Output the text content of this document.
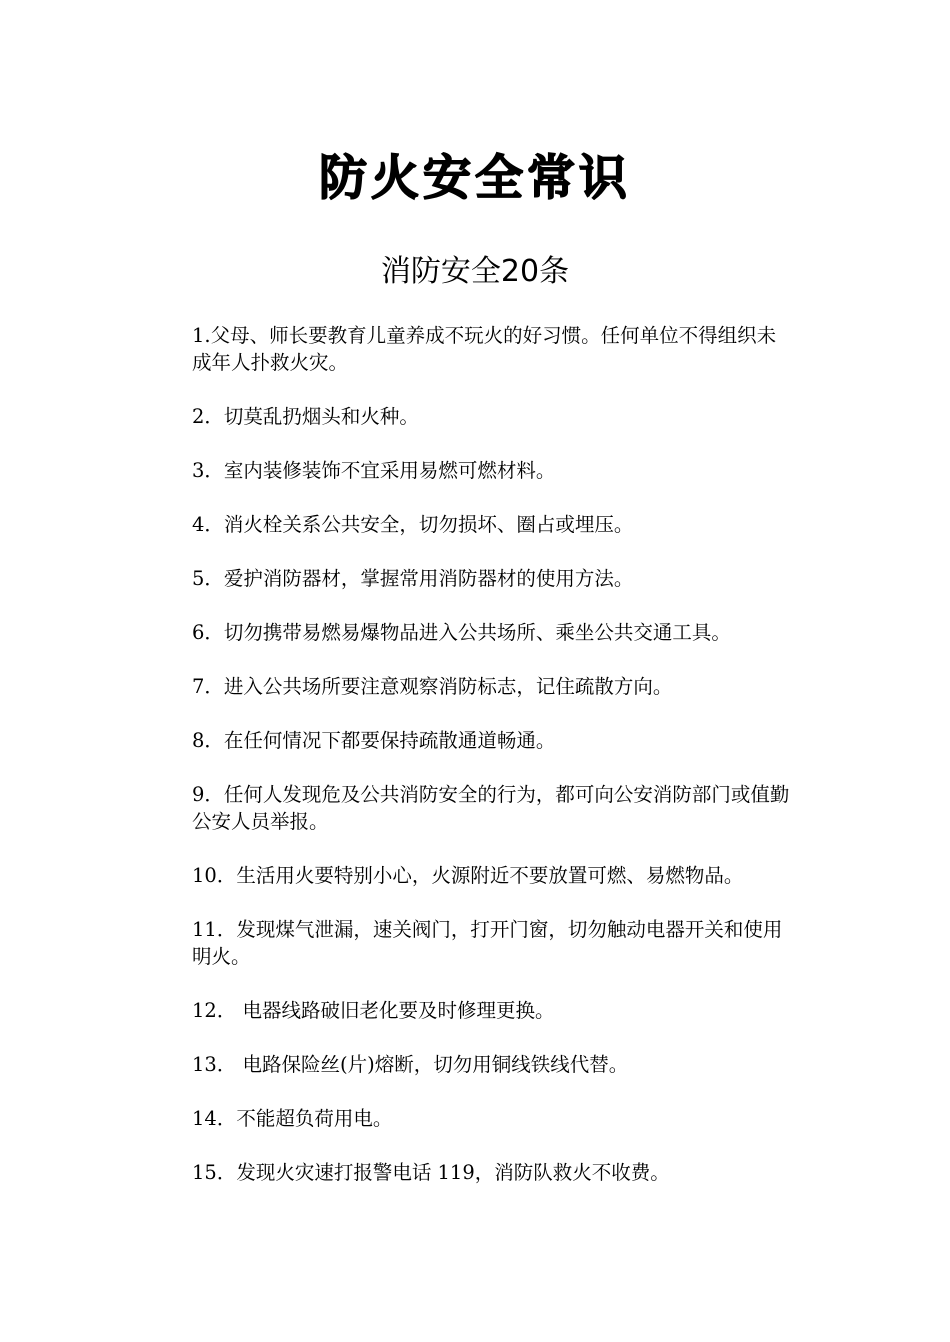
防火安全常识
消防安全20条
1.父母、师长要教育儿童养成不玩火的好习惯。任何单位不得组织未成年人扑救火灾。
2．切莫乱扔烟头和火种。
3．室内装修装饰不宜采用易燃可燃材料。
4．消火栓关系公共安全，切勿损坏、圈占或埋压。
5．爱护消防器材，掌握常用消防器材的使用方法。
6．切勿携带易燃易爆物品进入公共场所、乘坐公共交通工具。
7．进入公共场所要注意观察消防标志，记住疏散方向。
8．在任何情况下都要保持疏散通道畅通。
9．任何人发现危及公共消防安全的行为，都可向公安消防部门或值勤公安人员举报。
10．生活用火要特别小心，火源附近不要放置可燃、易燃物品。
11．发现煤气泄漏，速关阀门，打开门窗，切勿触动电器开关和使用明火。
12． 电器线路破旧老化要及时修理更换。
13． 电路保险丝(片)熔断，切勿用铜线铁线代替。
14．不能超负荷用电。
15．发现火灾速打报警电话 119，消防队救火不收费。
